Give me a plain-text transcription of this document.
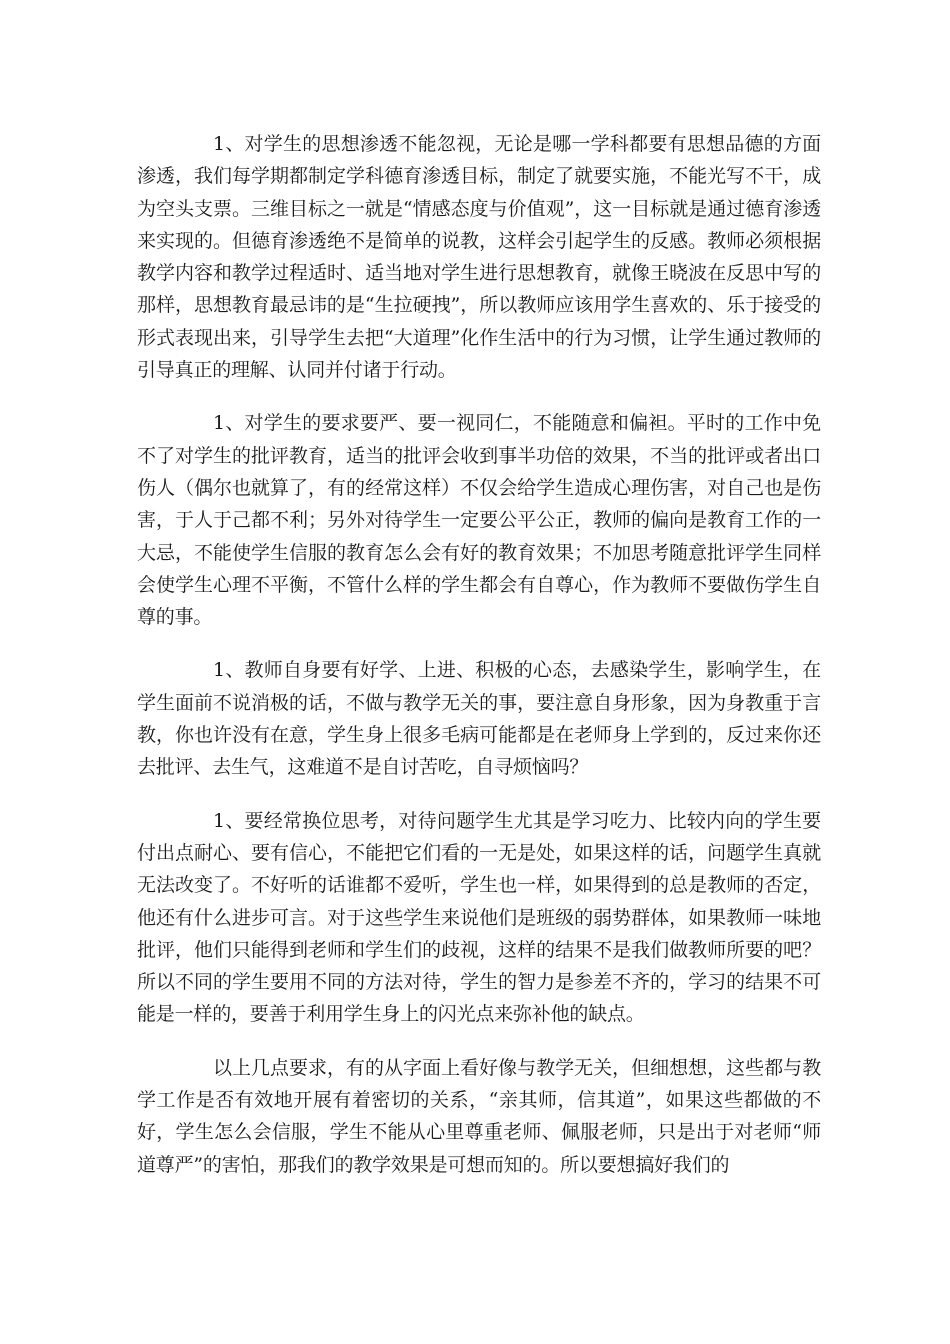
1、对学生的思想渗透不能忽视，无论是哪一学科都要有思想品德的方面渗透，我们每学期都制定学科德育渗透目标，制定了就要实施，不能光写不干，成为空头支票。三维目标之一就是“情感态度与价值观”，这一目标就是通过德育渗透来实现的。但德育渗透绝不是简单的说教，这样会引起学生的反感。教师必须根据教学内容和教学过程适时、适当地对学生进行思想教育，就像王晓波在反思中写的那样，思想教育最忌讳的是“生拉硬拽”，所以教师应该用学生喜欢的、乐于接受的形式表现出来，引导学生去把“大道理”化作生活中的行为习惯，让学生通过教师的引导真正的理解、认同并付诸于行动。

1、对学生的要求要严、要一视同仁，不能随意和偏袒。平时的工作中免不了对学生的批评教育，适当的批评会收到事半功倍的效果，不当的批评或者出口伤人（偶尔也就算了，有的经常这样）不仅会给学生造成心理伤害，对自己也是伤害，于人于己都不利；另外对待学生一定要公平公正，教师的偏向是教育工作的一大忌，不能使学生信服的教育怎么会有好的教育效果；不加思考随意批评学生同样会使学生心理不平衡，不管什么样的学生都会有自尊心，作为教师不要做伤学生自尊的事。

1、教师自身要有好学、上进、积极的心态，去感染学生，影响学生，在学生面前不说消极的话，不做与教学无关的事，要注意自身形象，因为身教重于言教，你也许没有在意，学生身上很多毛病可能都是在老师身上学到的，反过来你还去批评、去生气，这难道不是自讨苦吃，自寻烦恼吗？

1、要经常换位思考，对待问题学生尤其是学习吃力、比较内向的学生要付出点耐心、要有信心，不能把它们看的一无是处，如果这样的话，问题学生真就无法改变了。不好听的话谁都不爱听，学生也一样，如果得到的总是教师的否定，他还有什么进步可言。对于这些学生来说他们是班级的弱势群体，如果教师一味地批评，他们只能得到老师和学生们的歧视，这样的结果不是我们做教师所要的吧？所以不同的学生要用不同的方法对待，学生的智力是参差不齐的，学习的结果不可能是一样的，要善于利用学生身上的闪光点来弥补他的缺点。

以上几点要求，有的从字面上看好像与教学无关，但细想想，这些都与教学工作是否有效地开展有着密切的关系，“亲其师，信其道”，如果这些都做的不好，学生怎么会信服，学生不能从心里尊重老师、佩服老师，只是出于对老师“师道尊严”的害怕，那我们的教学效果是可想而知的。所以要想搞好我们的
